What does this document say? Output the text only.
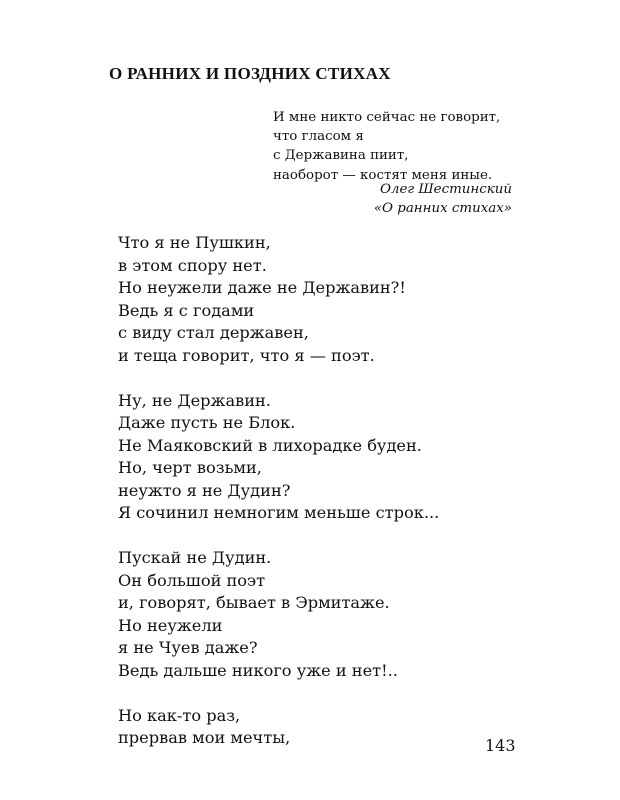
О РАННИХ И ПОЗДНИХ СТИХАХ
И мне никто сейчас не говорит,
что гласом я
с Державина пиит,
наоборот — костят меня иные.
Олег Шестинский
«О ранних стихах»
Что я не Пушкин,
в этом спору нет.
Но неужели даже не Державин?!
Ведь я с годами
с виду стал державен,
и теща говорит, что я — поэт.
Ну, не Державин.
Даже пусть не Блок.
Не Маяковский в лихорадке буден.
Но, черт возьми,
неужто я не Дудин?
Я сочинил немногим меньше строк...
Пускай не Дудин.
Он большой поэт
и, говорят, бывает в Эрмитаже.
Но неужели
я не Чуев даже?
Ведь дальше никого уже и нет!..
Но как-то раз,
прервав мои мечты,	143
